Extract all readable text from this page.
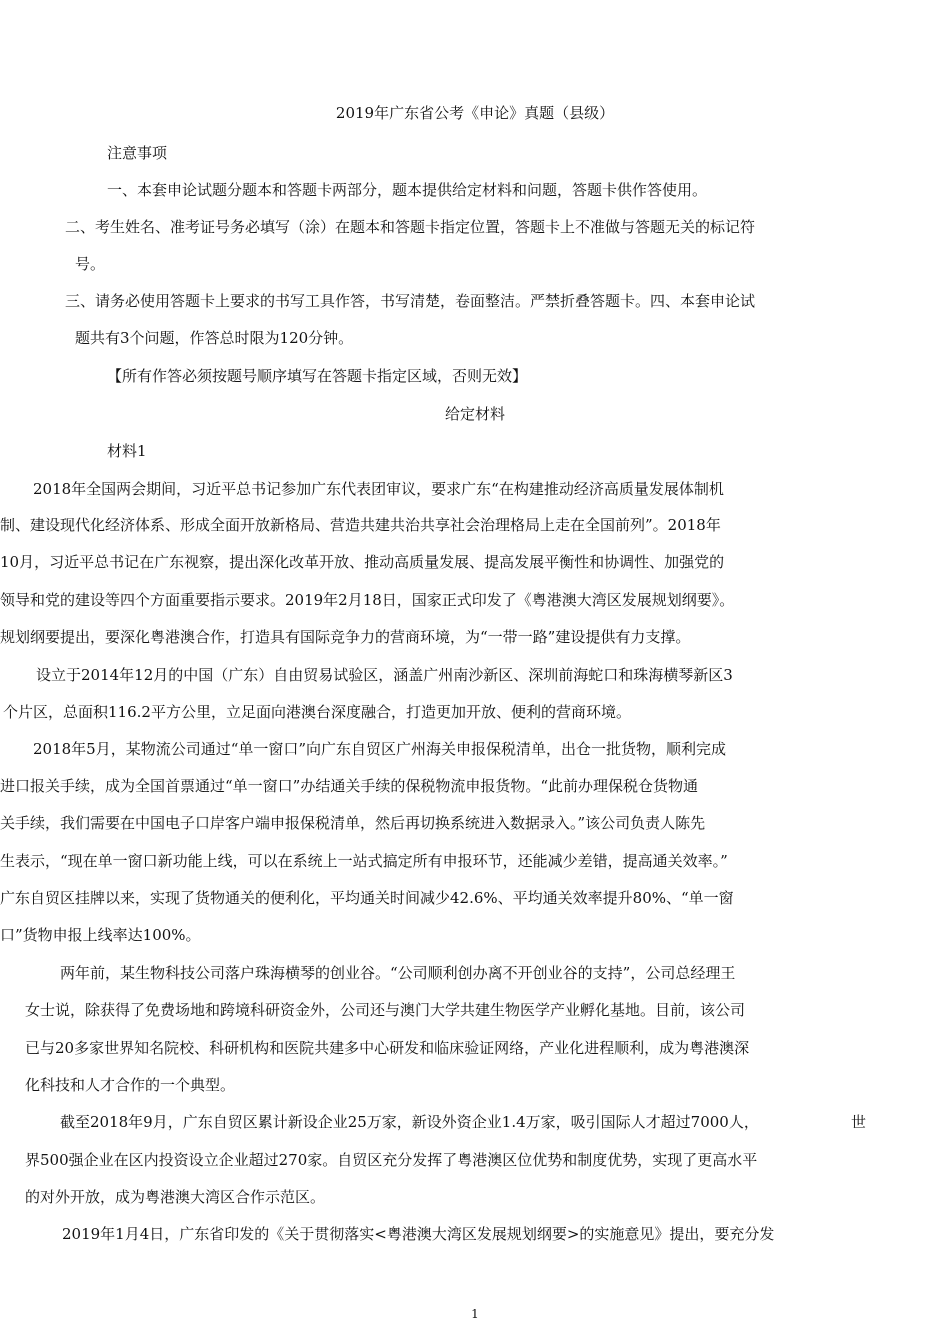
2019年广东省公考《申论》真题（县级）
注意事项
一、本套申论试题分题本和答题卡两部分，题本提供给定材料和问题，答题卡供作答使用。
二、考生姓名、准考证号务必填写（涂）在题本和答题卡指定位置，答题卡上不准做与答题无关的标记符
号。
三、请务必使用答题卡上要求的书写工具作答，书写清楚，卷面整洁。严禁折叠答题卡。四、本套申论试
题共有3个问题，作答总时限为120分钟。
【所有作答必须按题号顺序填写在答题卡指定区域，否则无效】
给定材料
材料1
2018年全国两会期间，习近平总书记参加广东代表团审议，要求广东“在构建推动经济高质量发展体制机
制、建设现代化经济体系、形成全面开放新格局、营造共建共治共享社会治理格局上走在全国前列”。2018年
10月，习近平总书记在广东视察，提出深化改革开放、推动高质量发展、提高发展平衡性和协调性、加强党的
领导和党的建设等四个方面重要指示要求。2019年2月18日，国家正式印发了《粤港澳大湾区发展规划纲要》。
规划纲要提出，要深化粤港澳合作，打造具有国际竞争力的营商环境，为“一带一路”建设提供有力支撑。
设立于2014年12月的中国（广东）自由贸易试验区，涵盖广州南沙新区、深圳前海蛇口和珠海横琴新区3
个片区，总面积116.2平方公里，立足面向港澳台深度融合，打造更加开放、便利的营商环境。
2018年5月，某物流公司通过“单一窗口”向广东自贸区广州海关申报保税清单，出仓一批货物，顺利完成
进口报关手续，成为全国首票通过“单一窗口”办结通关手续的保税物流申报货物。“此前办理保税仓货物通
关手续，我们需要在中国电子口岸客户端申报保税清单，然后再切换系统进入数据录入。”该公司负责人陈先
生表示，“现在单一窗口新功能上线，可以在系统上一站式搞定所有申报环节，还能减少差错，提高通关效率。”
广东自贸区挂牌以来，实现了货物通关的便利化，平均通关时间减少42.6%、平均通关效率提升80%、“单一窗
口”货物申报上线率达100%。
两年前，某生物科技公司落户珠海横琴的创业谷。“公司顺利创办离不开创业谷的支持”，公司总经理王
女士说，除获得了免费场地和跨境科研资金外，公司还与澳门大学共建生物医学产业孵化基地。目前，该公司
已与20多家世界知名院校、科研机构和医院共建多中心研发和临床验证网络，产业化进程顺利，成为粤港澳深
化科技和人才合作的一个典型。
截至2018年9月，广东自贸区累计新设企业25万家，新设外资企业1.4万家，吸引国际人才超过7000人，	世
界500强企业在区内投资设立企业超过270家。自贸区充分发挥了粤港澳区位优势和制度优势，实现了更高水平
的对外开放，成为粤港澳大湾区合作示范区。
2019年1月4日，广东省印发的《关于贯彻落实<粤港澳大湾区发展规划纲要>的实施意见》提出，要充分发
1
